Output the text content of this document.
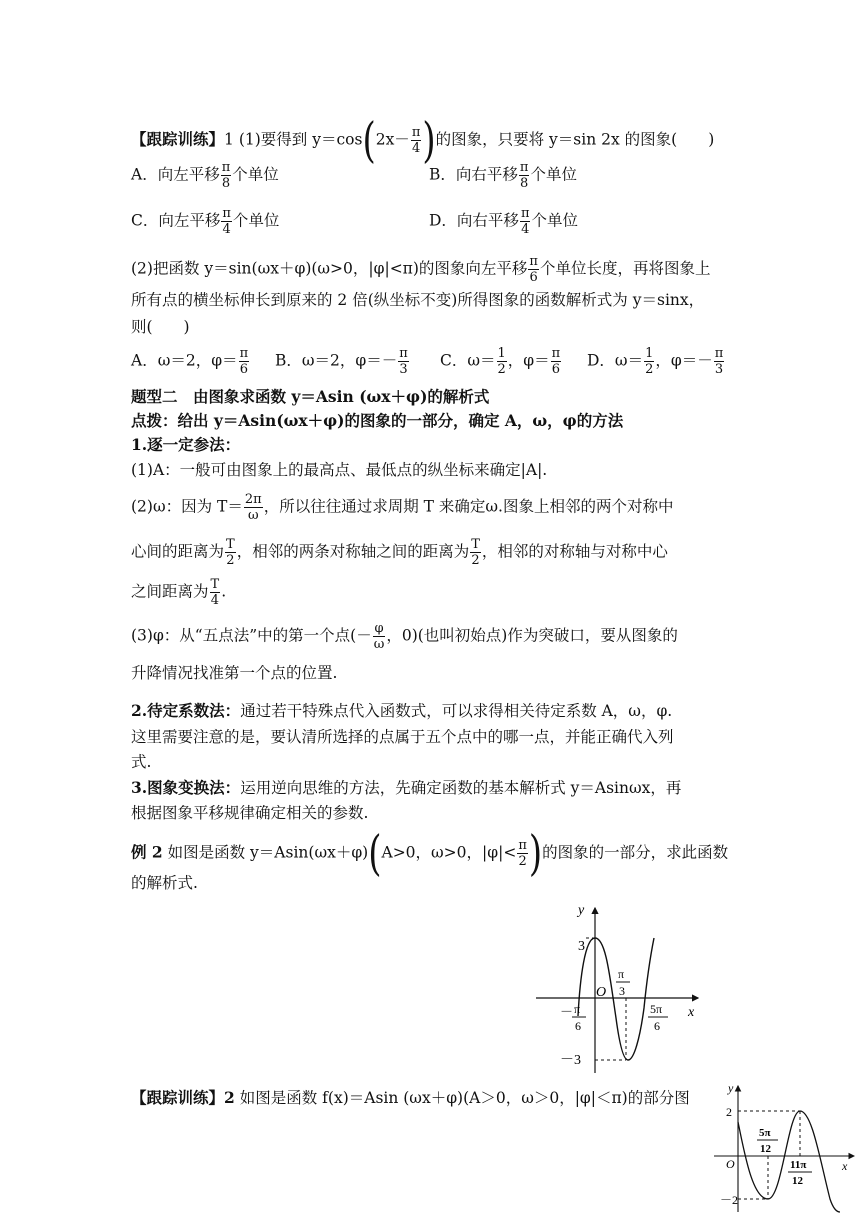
【跟踪训练】1 (1)要得到 $y=\cos(2x- \frac{\pi}{4}$ )的图象，只要将 y＝sin 2x 的图象(　　)
A．向左平移 $\frac{\pi}{8}$ 个单位	B．向右平移 $\frac{\pi}{8}$ 个单位
C．向左平移 $\frac{\pi}{4}$ 个单位	D．向右平移 $\frac{\pi}{4}$ 个单位
(2)把函数 y＝sin(ωx＋φ)(ω>0，|φ|<π)的图象向左平移 $\frac{\pi}{6}$ 个单位长度，再将图象上
所有点的横坐标伸长到原来的 2 倍(纵坐标不变)所得图象的函数解析式为 y＝sinx，
则(　　)
A．ω＝2，$\varphi= \frac{\pi}{6}$ B．ω＝2，$\varphi=- \frac{\pi}{3}$ C．$\omega= \frac{1}{2}$ ，$\varphi= \frac{\pi}{6}$ D．$\omega= \frac{1}{2}$ ，$\varphi=- \frac{\pi}{3}$
题型二　由图象求函数 y＝Asin (ωx＋φ)的解析式
点拨：给出 y＝Asin(ωx＋φ)的图象的一部分，确定 A，ω，φ的方法
1.逐一定参法：
(1)A：一般可由图象上的最高点、最低点的纵坐标来确定|A|.
(2)ω：因为 $T= \frac{2\pi}{\omega}$ ，所以往往通过求周期 T 来确定ω.图象上相邻的两个对称中
心间的距离为 $\frac{T}{2}$ ，相邻的两条对称轴之间的距离为 $\frac{T}{2}$ ，相邻的对称轴与对称中心
之间距离为 $\frac{T}{4}$ .
(3)φ：从“五点法”中的第一个点(－ $\frac{\varphi}{\omega}$ ，0)(也叫初始点)作为突破口，要从图象的
升降情况找准第一个点的位置.
2.待定系数法：通过若干特殊点代入函数式，可以求得相关待定系数 A，ω，φ.
这里需要注意的是，要认清所选择的点属于五个点中的哪一点，并能正确代入列
式.
3.图象变换法：运用逆向思维的方法，先确定函数的基本解析式 y＝Asinωx，再
根据图象平移规律确定相关的参数.
例 2 如图是函数 y＝Asin(ωx＋φ)(A>0，ω>0，$|\varphi|< \frac{\pi}{2}$ )的图象的一部分，求此函数
的解析式.
y
x
O
3
－3
－ π
6
π
3
5π
6
【跟踪训练】2 如图是函数 f(x)＝Asin (ωx＋φ)(A＞0，ω＞0，|φ|＜π)的部分图
y
x
O
2
－2
5π
12
11π
12
